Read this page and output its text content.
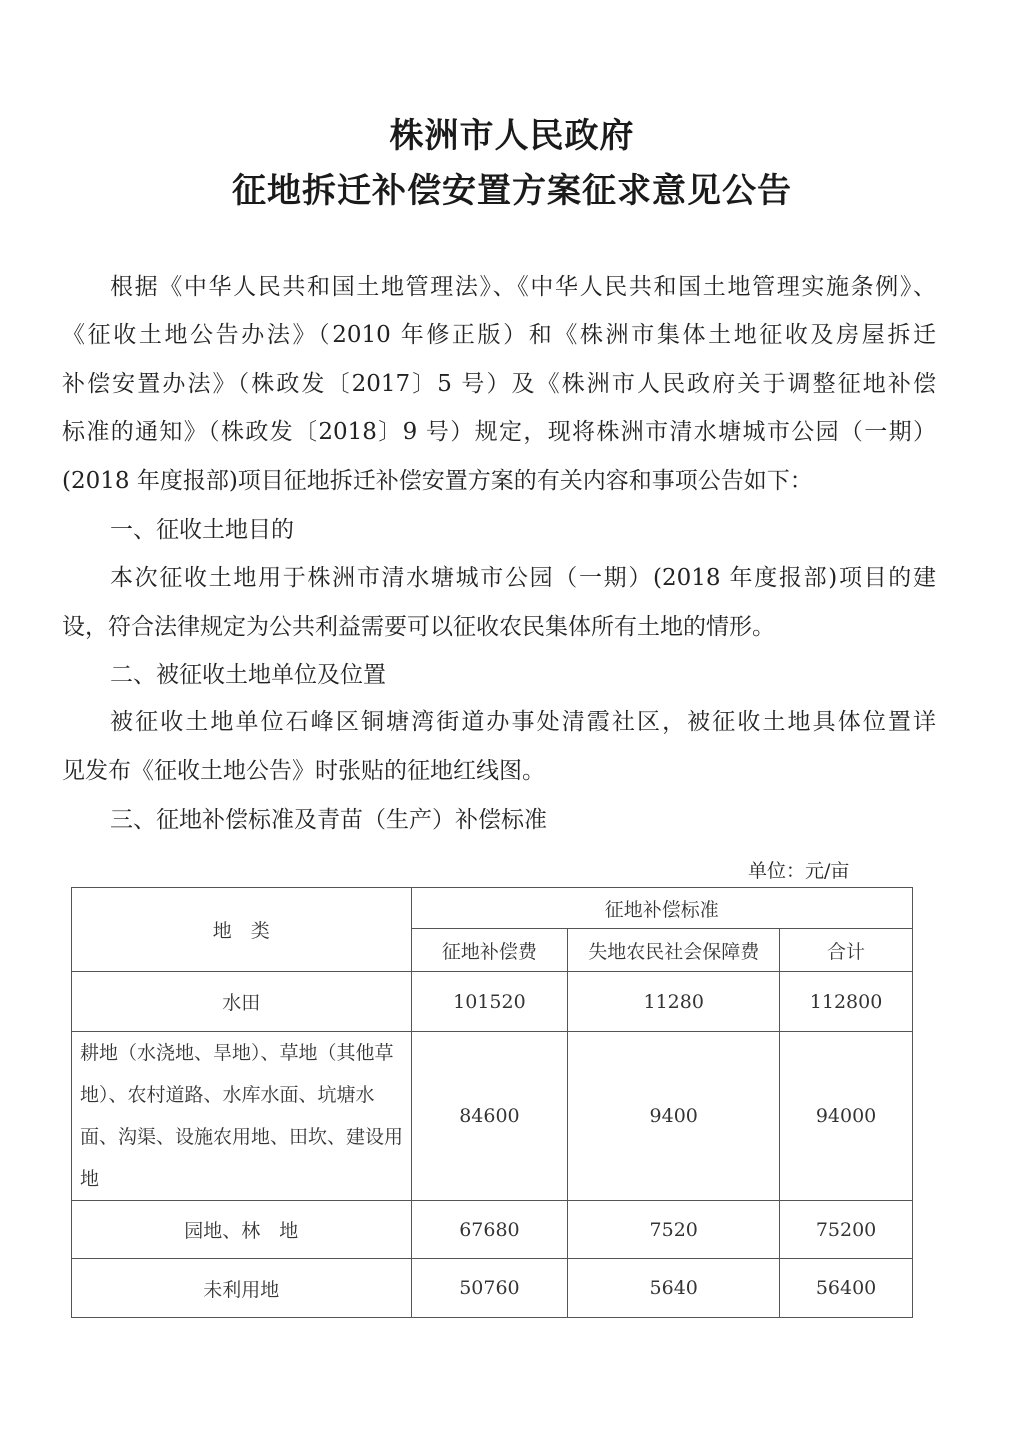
株洲市人民政府
征地拆迁补偿安置方案征求意见公告
根据《中华人民共和国土地管理法》、《中华人民共和国土地管理实施条例》、
《征收土地公告办法》（2010 年修正版）和《株洲市集体土地征收及房屋拆迁
补偿安置办法》（株政发〔2017〕5 号）及《株洲市人民政府关于调整征地补偿
标准的通知》（株政发〔2018〕9 号）规定，现将株洲市清水塘城市公园（一期）
(2018 年度报部)项目征地拆迁补偿安置方案的有关内容和事项公告如下：
一、征收土地目的
本次征收土地用于株洲市清水塘城市公园（一期）(2018 年度报部)项目的建
设，符合法律规定为公共利益需要可以征收农民集体所有土地的情形。
二、被征收土地单位及位置
被征收土地单位石峰区铜塘湾街道办事处清霞社区，被征收土地具体位置详
见发布《征收土地公告》时张贴的征地红线图。
三、征地补偿标准及青苗（生产）补偿标准
单位：元/亩
地　类	征地补偿标准		
	征地补偿费	失地农民社会保障费	合计
水田	101520	11280	112800
耕地（水浇地、旱地）、草地（其他草地）、农村道路、水库水面、坑塘水面、沟渠、设施农用地、田坎、建设用地	84600	9400	94000
园地、林　地	67680	7520	75200
未利用地	50760	5640	56400
